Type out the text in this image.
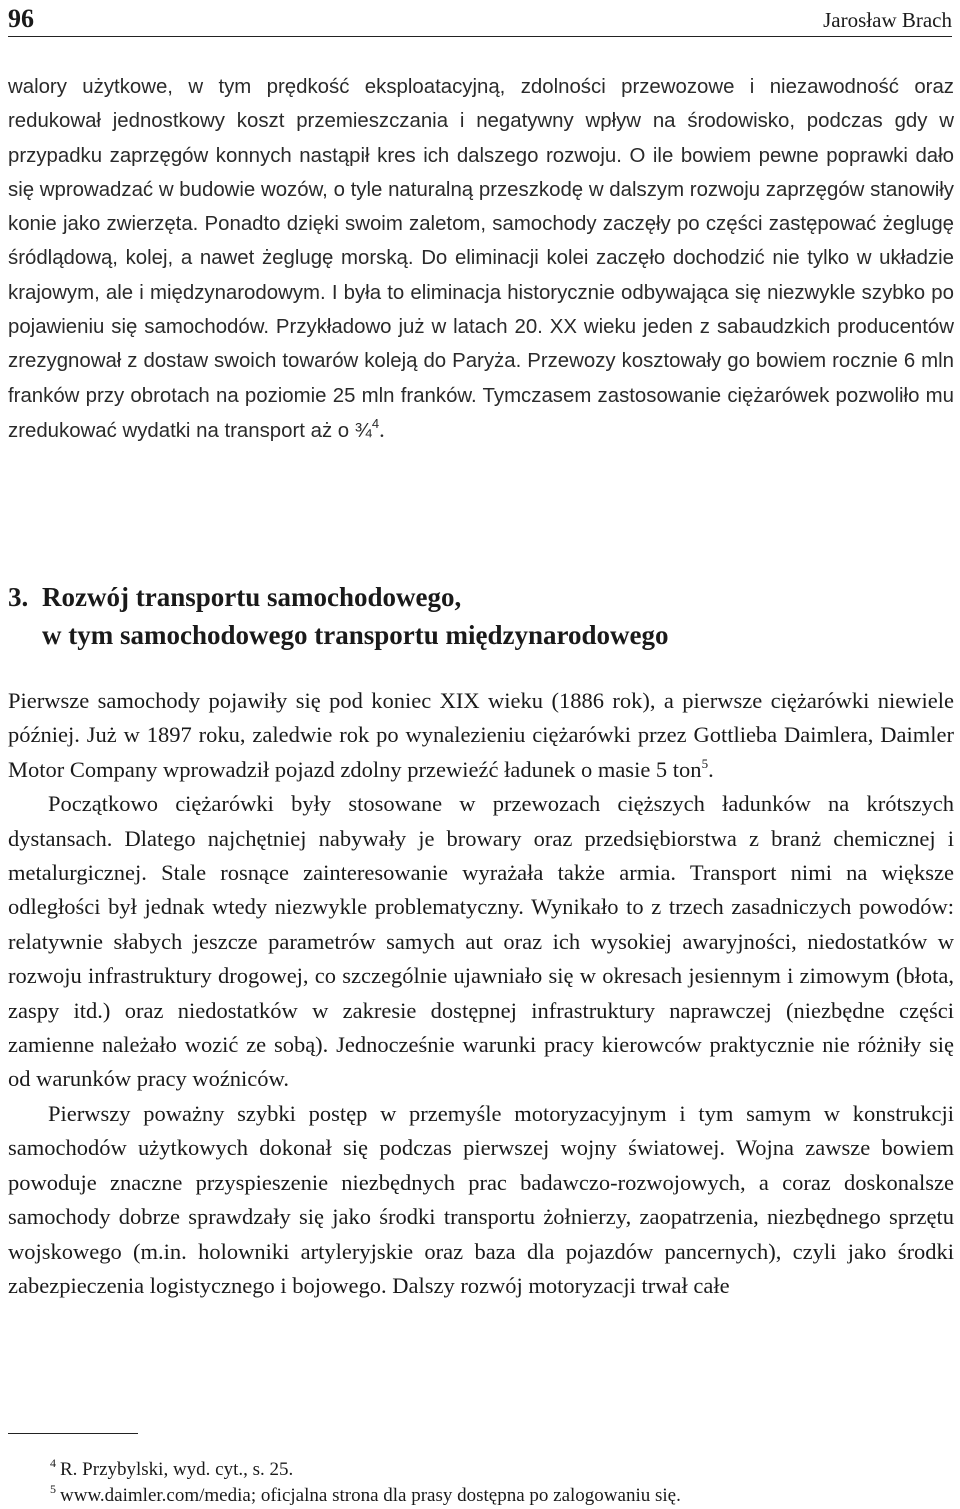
96	Jarosław Brach

walory użytkowe, w tym prędkość eksploatacyjną, zdolności przewozowe i niezawodność oraz redukował jednostkowy koszt przemieszczania i negatywny wpływ na środowisko, podczas gdy w przypadku zaprzęgów konnych nastąpił kres ich dalszego rozwoju. O ile bowiem pewne poprawki dało się wprowadzać w budowie wozów, o tyle naturalną przeszkodę w dalszym rozwoju zaprzęgów stanowiły konie jako zwierzęta. Ponadto dzięki swoim zaletom, samochody zaczęły po części zastępować żeglugę śródlądową, kolej, a nawet żeglugę morską. Do eliminacji kolei zaczęło dochodzić nie tylko w układzie krajowym, ale i międzynarodowym. I była to eliminacja historycznie odbywająca się niezwykle szybko po pojawieniu się samochodów. Przykładowo już w latach 20. XX wieku jeden z sabaudzkich producentów zrezygnował z dostaw swoich towarów koleją do Paryża. Przewozy kosztowały go bowiem rocznie 6 mln franków przy obrotach na poziomie 25 mln franków. Tymczasem zastosowanie ciężarówek pozwoliło mu zredukować wydatki na transport aż o ¾$^4$.

3. Rozwój transportu samochodowego,
w tym samochodowego transportu międzynarodowego

Pierwsze samochody pojawiły się pod koniec XIX wieku (1886 rok), a pierwsze ciężarówki niewiele później. Już w 1897 roku, zaledwie rok po wynalezieniu ciężarówki przez Gottlieba Daimlera, Daimler Motor Company wprowadził pojazd zdolny przewieźć ładunek o masie 5 ton$^5$.

Początkowo ciężarówki były stosowane w przewozach cięższych ładunków na krótszych dystansach. Dlatego najchętniej nabywały je browary oraz przedsiębiorstwa z branż chemicznej i metalurgicznej. Stale rosnące zainteresowanie wyrażała także armia. Transport nimi na większe odległości był jednak wtedy niezwykle problematyczny. Wynikało to z trzech zasadniczych powodów: relatywnie słabych jeszcze parametrów samych aut oraz ich wysokiej awaryjności, niedostatków w rozwoju infrastruktury drogowej, co szczególnie ujawniało się w okresach jesiennym i zimowym (błota, zaspy itd.) oraz niedostatków w zakresie dostępnej infrastruktury naprawczej (niezbędne części zamienne należało wozić ze sobą). Jednocześnie warunki pracy kierowców praktycznie nie różniły się od warunków pracy woźniców.

Pierwszy poważny szybki postęp w przemyśle motoryzacyjnym i tym samym w konstrukcji samochodów użytkowych dokonał się podczas pierwszej wojny światowej. Wojna zawsze bowiem powoduje znaczne przyspieszenie niezbędnych prac badawczo-rozwojowych, a coraz doskonalsze samochody dobrze sprawdzały się jako środki transportu żołnierzy, zaopatrzenia, niezbędnego sprzętu wojskowego (m.in. holowniki artyleryjskie oraz baza dla pojazdów pancernych), czyli jako środki zabezpieczenia logistycznego i bojowego. Dalszy rozwój motoryzacji trwał całe

$^4$ R. Przybylski, wyd. cyt., s. 25.

$^5$ www.daimler.com/media; oficjalna strona dla prasy dostępna po zalogowaniu się.
